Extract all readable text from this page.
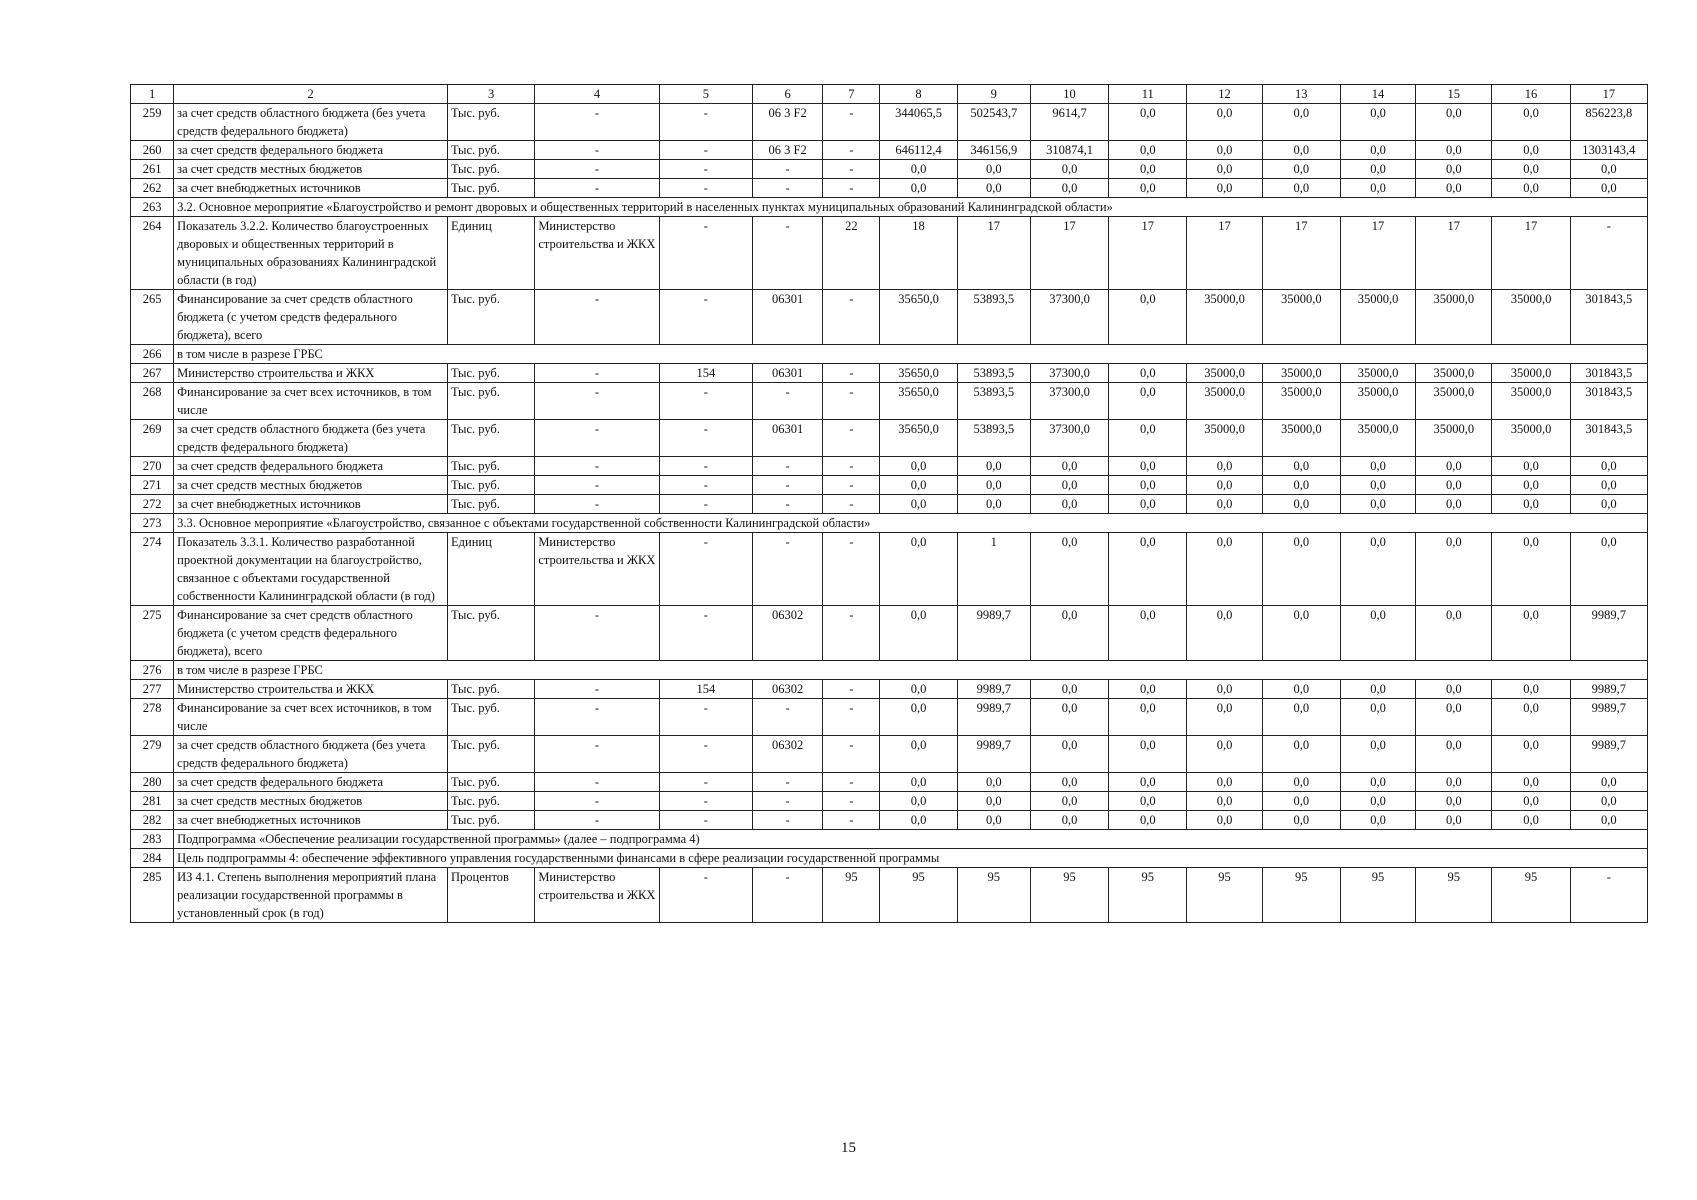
1	2	3	4	5	6	7	8	9	10	11	12	13	14	15	16	17
259	за счет средств областного бюджета (без учета средств федерального бюджета)	Тыс. руб.	-	-	06 3 F2	-	344065,5	502543,7	9614,7	0,0	0,0	0,0	0,0	0,0	0,0	856223,8
260	за счет средств федерального бюджета	Тыс. руб.	-	-	06 3 F2	-	646112,4	346156,9	310874,1	0,0	0,0	0,0	0,0	0,0	0,0	1303143,4
261	за счет средств местных бюджетов	Тыс. руб.	-	-	-	-	0,0	0,0	0,0	0,0	0,0	0,0	0,0	0,0	0,0	0,0
262	за счет внебюджетных источников	Тыс. руб.	-	-	-	-	0,0	0,0	0,0	0,0	0,0	0,0	0,0	0,0	0,0	0,0
263	3.2. Основное мероприятие «Благоустройство и ремонт дворовых и общественных территорий в населенных пунктах муниципальных образований Калининградской области»															
264	Показатель 3.2.2. Количество благоустроенных дворовых и общественных территорий в муниципальных образованиях Калининградской области (в год)	Единиц	Министерство строительства и ЖКХ	-	-	22	18	17	17	17	17	17	17	17	17	-
265	Финансирование за счет средств областного бюджета (с учетом средств федерального бюджета), всего	Тыс. руб.	-	-	06301	-	35650,0	53893,5	37300,0	0,0	35000,0	35000,0	35000,0	35000,0	35000,0	301843,5
266	в том числе в разрезе ГРБС															
267	Министерство строительства и ЖКХ	Тыс. руб.	-	154	06301	-	35650,0	53893,5	37300,0	0,0	35000,0	35000,0	35000,0	35000,0	35000,0	301843,5
268	Финансирование за счет всех источников, в том числе	Тыс. руб.	-	-	-	-	35650,0	53893,5	37300,0	0,0	35000,0	35000,0	35000,0	35000,0	35000,0	301843,5
269	за счет средств областного бюджета (без учета средств федерального бюджета)	Тыс. руб.	-	-	06301	-	35650,0	53893,5	37300,0	0,0	35000,0	35000,0	35000,0	35000,0	35000,0	301843,5
270	за счет средств федерального бюджета	Тыс. руб.	-	-	-	-	0,0	0,0	0,0	0,0	0,0	0,0	0,0	0,0	0,0	0,0
271	за счет средств местных бюджетов	Тыс. руб.	-	-	-	-	0,0	0,0	0,0	0,0	0,0	0,0	0,0	0,0	0,0	0,0
272	за счет внебюджетных источников	Тыс. руб.	-	-	-	-	0,0	0,0	0,0	0,0	0,0	0,0	0,0	0,0	0,0	0,0
273	3.3. Основное мероприятие «Благоустройство, связанное с объектами государственной собственности Калининградской области»															
274	Показатель 3.3.1. Количество разработанной проектной документации на благоустройство, связанное с объектами государственной собственности Калининградской области (в год)	Единиц	Министерство строительства и ЖКХ	-	-	-	0,0	1	0,0	0,0	0,0	0,0	0,0	0,0	0,0	0,0
275	Финансирование за счет средств областного бюджета (с учетом средств федерального бюджета), всего	Тыс. руб.	-	-	06302	-	0,0	9989,7	0,0	0,0	0,0	0,0	0,0	0,0	0,0	9989,7
276	в том числе в разрезе ГРБС															
277	Министерство строительства и ЖКХ	Тыс. руб.	-	154	06302	-	0,0	9989,7	0,0	0,0	0,0	0,0	0,0	0,0	0,0	9989,7
278	Финансирование за счет всех источников, в том числе	Тыс. руб.	-	-	-	-	0,0	9989,7	0,0	0,0	0,0	0,0	0,0	0,0	0,0	9989,7
279	за счет средств областного бюджета (без учета средств федерального бюджета)	Тыс. руб.	-	-	06302	-	0,0	9989,7	0,0	0,0	0,0	0,0	0,0	0,0	0,0	9989,7
280	за счет средств федерального бюджета	Тыс. руб.	-	-	-	-	0,0	0,0	0,0	0,0	0,0	0,0	0,0	0,0	0,0	0,0
281	за счет средств местных бюджетов	Тыс. руб.	-	-	-	-	0,0	0,0	0,0	0,0	0,0	0,0	0,0	0,0	0,0	0,0
282	за счет внебюджетных источников	Тыс. руб.	-	-	-	-	0,0	0,0	0,0	0,0	0,0	0,0	0,0	0,0	0,0	0,0
283	Подпрограмма «Обеспечение реализации государственной программы» (далее – подпрограмма 4)															
284	Цель подпрограммы 4: обеспечение эффективного управления государственными финансами в сфере реализации государственной программы															
285	ИЗ 4.1. Степень выполнения мероприятий плана реализации государственной программы в установленный срок (в год)	Процентов	Министерство строительства и ЖКХ	-	-	95	95	95	95	95	95	95	95	95	95	-
15
